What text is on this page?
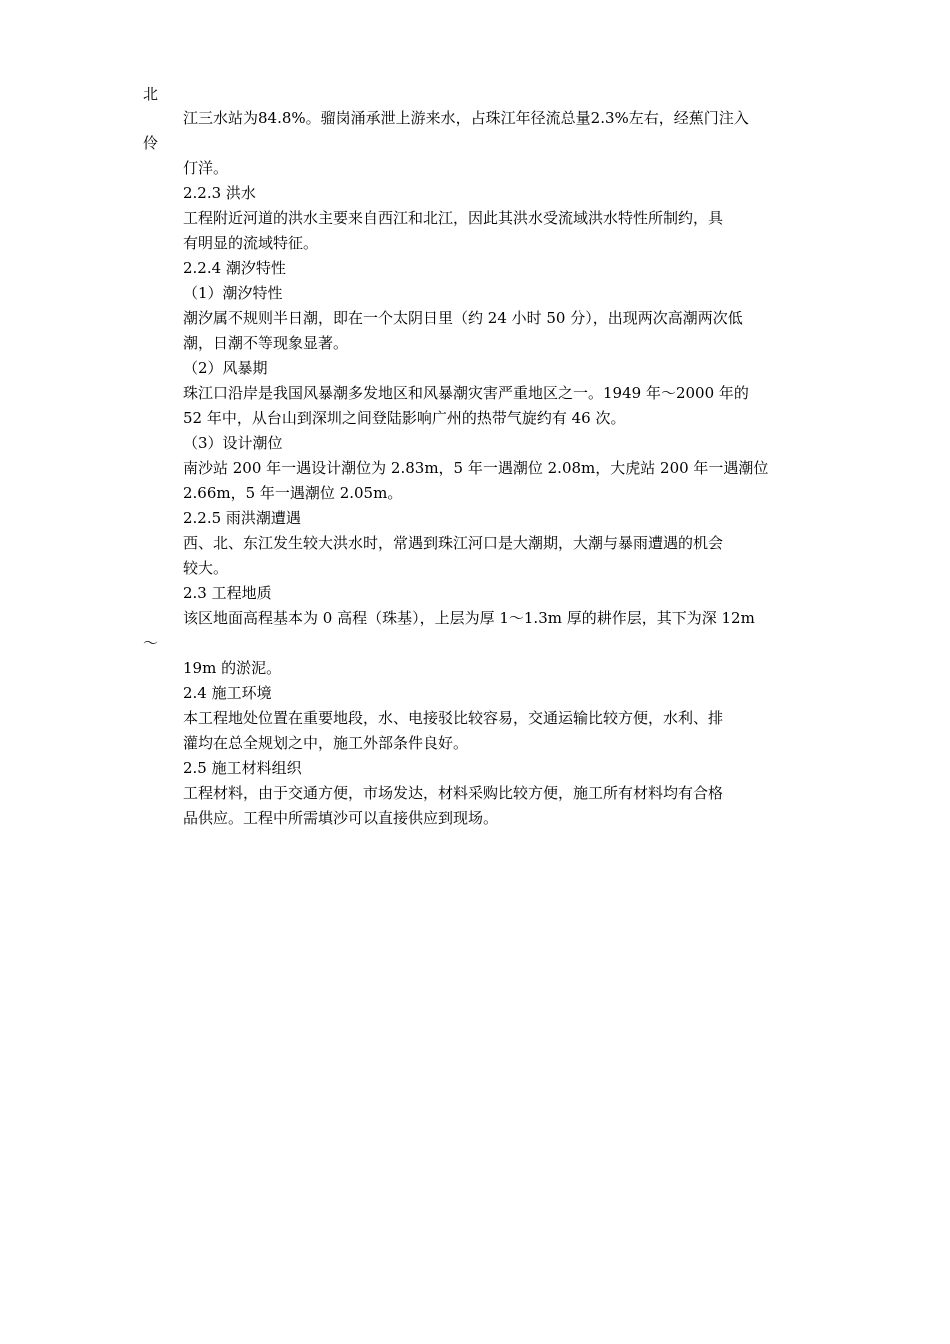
北
江三水站为84.8%。骝岗涌承泄上游来水，占珠江年径流总量2.3%左右，经蕉门注入
伶
仃洋。
2.2.3 洪水
工程附近河道的洪水主要来自西江和北江，因此其洪水受流域洪水特性所制约，具
有明显的流域特征。
2.2.4 潮汐特性
（1）潮汐特性
潮汐属不规则半日潮，即在一个太阴日里（约 24 小时 50 分），出现两次高潮两次低
潮，日潮不等现象显著。
（2）风暴期
珠江口沿岸是我国风暴潮多发地区和风暴潮灾害严重地区之一。1949 年～2000 年的
52 年中，从台山到深圳之间登陆影响广州的热带气旋约有 46 次。
（3）设计潮位
南沙站 200 年一遇设计潮位为 2.83m，5 年一遇潮位 2.08m，大虎站 200 年一遇潮位
2.66m，5 年一遇潮位 2.05m。
2.2.5 雨洪潮遭遇
西、北、东江发生较大洪水时，常遇到珠江河口是大潮期，大潮与暴雨遭遇的机会
较大。
2.3 工程地质
该区地面高程基本为 0 高程（珠基），上层为厚 1～1.3m 厚的耕作层，其下为深 12m
～
19m 的淤泥。
2.4 施工环境
本工程地处位置在重要地段，水、电接驳比较容易，交通运输比较方便，水利、排
灌均在总全规划之中，施工外部条件良好。
2.5 施工材料组织
工程材料，由于交通方便，市场发达，材料采购比较方便，施工所有材料均有合格
品供应。工程中所需填沙可以直接供应到现场。
